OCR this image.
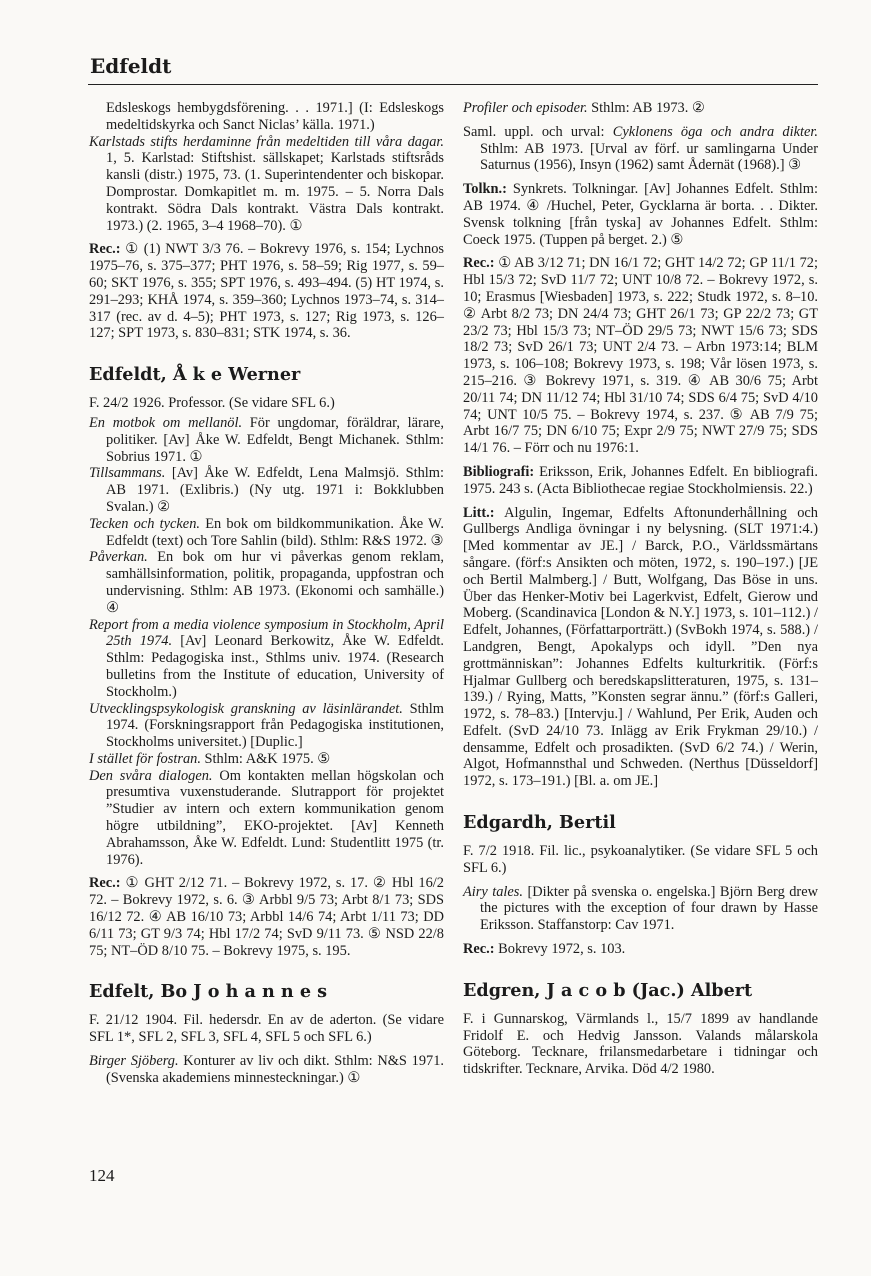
Edfeldt

Edsleskogs hembygdsförening. . . 1971.] (I: Edsleskogs medeltidskyrka och Sanct Niclas’ källa. 1971.)

Karlstads stifts herdaminne från medeltiden till våra dagar. 1, 5. Karlstad: Stiftshist. sällskapet; Karlstads stiftsråds kansli (distr.) 1975, 73. (1. Superintendenter och biskopar. Domprostar. Domkapitlet m. m. 1975. – 5. Norra Dals kontrakt. Södra Dals kontrakt. Västra Dals kontrakt. 1973.) (2. 1965, 3–4 1968–70). ①

Rec.: ① (1) NWT 3/3 76. – Bokrevy 1976, s. 154; Lychnos 1975–76, s. 375–377; PHT 1976, s. 58–59; Rig 1977, s. 59–60; SKT 1976, s. 355; SPT 1976, s. 493–494. (5) HT 1974, s. 291–293; KHÅ 1974, s. 359–360; Lychnos 1973–74, s. 314–317 (rec. av d. 4–5); PHT 1973, s. 127; Rig 1973, s. 126–127; SPT 1973, s. 830–831; STK 1974, s. 36.

Edfeldt, Å k e Werner

F. 24/2 1926. Professor. (Se vidare SFL 6.)

En motbok om mellanöl. För ungdomar, föräldrar, lärare, politiker. [Av] Åke W. Edfeldt, Bengt Michanek. Sthlm: Sobrius 1971. ①

Tillsammans. [Av] Åke W. Edfeldt, Lena Malmsjö. Sthlm: AB 1971. (Exlibris.) (Ny utg. 1971 i: Bokklubben Svalan.) ②

Tecken och tycken. En bok om bildkommunikation. Åke W. Edfeldt (text) och Tore Sahlin (bild). Sthlm: R&S 1972. ③

Påverkan. En bok om hur vi påverkas genom reklam, samhällsinformation, politik, propaganda, uppfostran och undervisning. Sthlm: AB 1973. (Ekonomi och samhälle.) ④

Report from a media violence symposium in Stockholm, April 25th 1974. [Av] Leonard Berkowitz, Åke W. Edfeldt. Sthlm: Pedagogiska inst., Sthlms univ. 1974. (Research bulletins from the Institute of education, University of Stockholm.)

Utvecklingspsykologisk granskning av läsinlärandet. Sthlm 1974. (Forskningsrapport från Pedagogiska institutionen, Stockholms universitet.) [Duplic.]

I stället för fostran. Sthlm: A&K 1975. ⑤

Den svåra dialogen. Om kontakten mellan högskolan och presumtiva vuxenstuderande. Slutrapport för projektet ”Studier av intern och extern kommunikation genom högre utbildning”, EKO-projektet. [Av] Kenneth Abrahamsson, Åke W. Edfeldt. Lund: Studentlitt 1975 (tr. 1976).

Rec.: ① GHT 2/12 71. – Bokrevy 1972, s. 17. ② Hbl 16/2 72. – Bokrevy 1972, s. 6. ③ Arbbl 9/5 73; Arbt 8/1 73; SDS 16/12 72. ④ AB 16/10 73; Arbbl 14/6 74; Arbt 1/11 73; DD 6/11 73; GT 9/3 74; Hbl 17/2 74; SvD 9/11 73. ⑤ NSD 22/8 75; NT–ÖD 8/10 75. – Bokrevy 1975, s. 195.

Edfelt, Bo J o h a n n e s

F. 21/12 1904. Fil. hedersdr. En av de aderton. (Se vidare SFL 1*, SFL 2, SFL 3, SFL 4, SFL 5 och SFL 6.)

Birger Sjöberg. Konturer av liv och dikt. Sthlm: N&S 1971. (Svenska akademiens minnesteckningar.) ①

Profiler och episoder. Sthlm: AB 1973. ②

Saml. uppl. och urval: Cyklonens öga och andra dikter. Sthlm: AB 1973. [Urval av förf. ur samlingarna Under Saturnus (1956), Insyn (1962) samt Ådernät (1968).] ③

Tolkn.: Synkrets. Tolkningar. [Av] Johannes Edfelt. Sthlm: AB 1974. ④ /Huchel, Peter, Gycklarna är borta. . . Dikter. Svensk tolkning [från tyska] av Johannes Edfelt. Sthlm: Coeck 1975. (Tuppen på berget. 2.) ⑤

Rec.: ① AB 3/12 71; DN 16/1 72; GHT 14/2 72; GP 11/1 72; Hbl 15/3 72; SvD 11/7 72; UNT 10/8 72. – Bokrevy 1972, s. 10; Erasmus [Wiesbaden] 1973, s. 222; Studk 1972, s. 8–10. ② Arbt 8/2 73; DN 24/4 73; GHT 26/1 73; GP 22/2 73; GT 23/2 73; Hbl 15/3 73; NT–ÖD 29/5 73; NWT 15/6 73; SDS 18/2 73; SvD 26/1 73; UNT 2/4 73. – Arbn 1973:14; BLM 1973, s. 106–108; Bokrevy 1973, s. 198; Vår lösen 1973, s. 215–216. ③ Bokrevy 1971, s. 319. ④ AB 30/6 75; Arbt 20/11 74; DN 11/12 74; Hbl 31/10 74; SDS 6/4 75; SvD 4/10 74; UNT 10/5 75. – Bokrevy 1974, s. 237. ⑤ AB 7/9 75; Arbt 16/7 75; DN 6/10 75; Expr 2/9 75; NWT 27/9 75; SDS 14/1 76. – Förr och nu 1976:1.

Bibliografi: Eriksson, Erik, Johannes Edfelt. En bibliografi. 1975. 243 s. (Acta Bibliothecae regiae Stockholmiensis. 22.)

Litt.: Algulin, Ingemar, Edfelts Aftonunderhållning och Gullbergs Andliga övningar i ny belysning. (SLT 1971:4.) [Med kommentar av JE.] / Barck, P.O., Världssmärtans sångare. (förf:s Ansikten och möten, 1972, s. 190–197.) [JE och Bertil Malmberg.] / Butt, Wolfgang, Das Böse in uns. Über das Henker-Motiv bei Lagerkvist, Edfelt, Gierow und Moberg. (Scandinavica [London & N.Y.] 1973, s. 101–112.) / Edfelt, Johannes, (Författarporträtt.) (SvBokh 1974, s. 588.) / Landgren, Bengt, Apokalyps och idyll. ”Den nya grottmänniskan”: Johannes Edfelts kulturkritik. (Förf:s Hjalmar Gullberg och beredskapslitteraturen, 1975, s. 131–139.) / Rying, Matts, ”Konsten segrar ännu.” (förf:s Galleri, 1972, s. 78–83.) [Intervju.] / Wahlund, Per Erik, Auden och Edfelt. (SvD 24/10 73. Inlägg av Erik Frykman 29/10.) / densamme, Edfelt och prosadikten. (SvD 6/2 74.) / Werin, Algot, Hofmannsthal und Schweden. (Nerthus [Düsseldorf] 1972, s. 173–191.) [Bl. a. om JE.]

Edgardh, Bertil

F. 7/2 1918. Fil. lic., psykoanalytiker. (Se vidare SFL 5 och SFL 6.)

Airy tales. [Dikter på svenska o. engelska.] Björn Berg drew the pictures with the exception of four drawn by Hasse Eriksson. Staffanstorp: Cav 1971.

Rec.: Bokrevy 1972, s. 103.

Edgren, J a c o b (Jac.) Albert

F. i Gunnarskog, Värmlands l., 15/7 1899 av handlande Fridolf E. och Hedvig Jansson. Valands målarskola Göteborg. Tecknare, frilansmedarbetare i tidningar och tidskrifter. Tecknare, Arvika. Död 4/2 1980.

124
